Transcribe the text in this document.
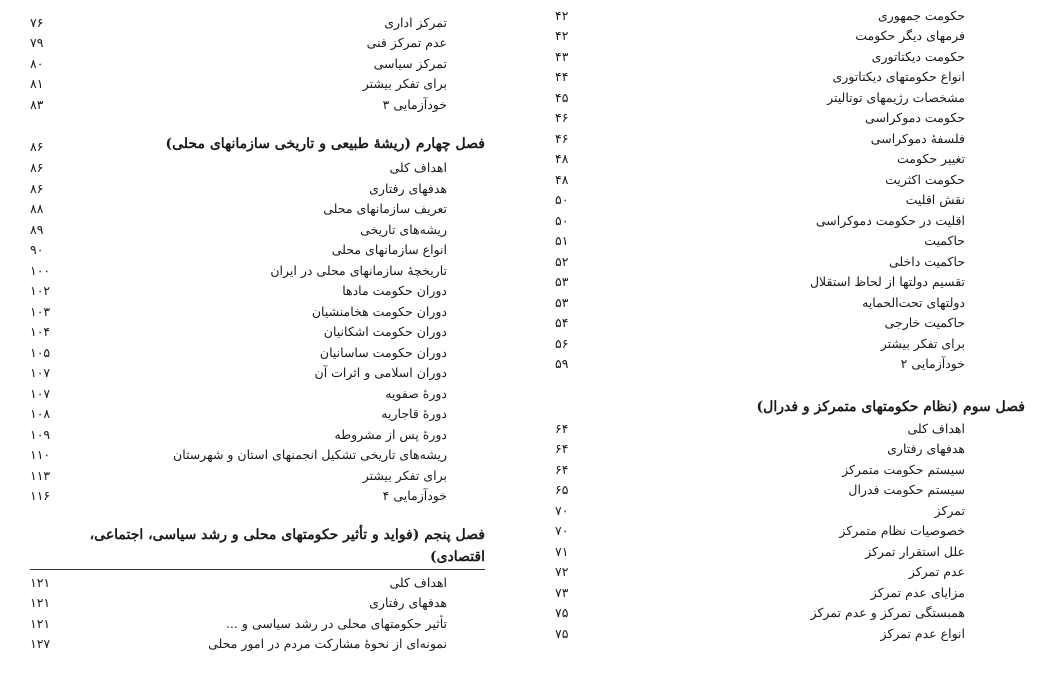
حکومت جمهوری
۴۲
فرمهای دیگر حکومت
۴۲
حکومت دیکتاتوری
۴۳
انواع حکومتهای دیکتاتوری
۴۴
مشخصات رژیمهای توتالیتر
۴۵
حکومت دموکراسی
۴۶
فلسفهٔ دموکراسی
۴۶
تغییر حکومت
۴۸
حکومت اکثریت
۴۸
نقش اقلیت
۵۰
اقلیت در حکومت دموکراسی
۵۰
حاکمیت
۵۱
حاکمیت داخلی
۵۲
تقسیم دولتها از لحاظ استقلال
۵۳
دولتهای تحت‌الحمایه
۵۳
حاکمیت خارجی
۵۴
برای تفکر بیشتر
۵۶
خودآزمایی ۲
۵۹
فصل سوم (نظام حکومتهای متمرکز و فدرال)
اهداف کلی
۶۴
هدفهای رفتاری
۶۴
سیستم حکومت متمرکز
۶۴
سیستم حکومت فدرال
۶۵
تمرکز
۷۰
خصوصیات نظام متمرکز
۷۰
علل استقرار تمرکز
۷۱
عدم تمرکز
۷۲
مزایای عدم تمرکز
۷۳
همبستگی تمرکز و عدم تمرکز
۷۵
انواع عدم تمرکز
۷۵
تمرکز اداری
۷۶
عدم تمرکز فنی
۷۹
تمرکز سیاسی
۸۰
برای تفکر بیشتر
۸۱
خودآزمایی ۳
۸۳
فصل چهارم (ریشهٔ طبیعی و تاریخی سازمانهای محلی)
۸۶
اهداف کلی
۸۶
هدفهای رفتاری
۸۶
تعریف سازمانهای محلی
۸۸
ریشه‌های تاریخی
۸۹
انواع سازمانهای محلی
۹۰
تاریخچهٔ سازمانهای محلی در ایران
۱۰۰
دوران حکومت مادها
۱۰۲
دوران حکومت هخامنشیان
۱۰۳
دوران حکومت اشکانیان
۱۰۴
دوران حکومت ساسانیان
۱۰۵
دوران اسلامی و اثرات آن
۱۰۷
دورهٔ صفویه
۱۰۷
دورهٔ قاجاریه
۱۰۸
دورهٔ پس از مشروطه
۱۰۹
ریشه‌های تاریخی تشکیل انجمنهای استان و شهرستان
۱۱۰
برای تفکر بیشتر
۱۱۳
خودآزمایی ۴
۱۱۶
فصل پنجم (فواید و تأثیر حکومتهای محلی و رشد سیاسی، اجتماعی، اقتصادی)
اهداف کلی
۱۲۱
هدفهای رفتاری
۱۲۱
تأثیر حکومتهای محلی در رشد سیاسی و ...
۱۲۱
نمونه‌ای از نحوهٔ مشارکت مردم در امور محلی
۱۲۷
